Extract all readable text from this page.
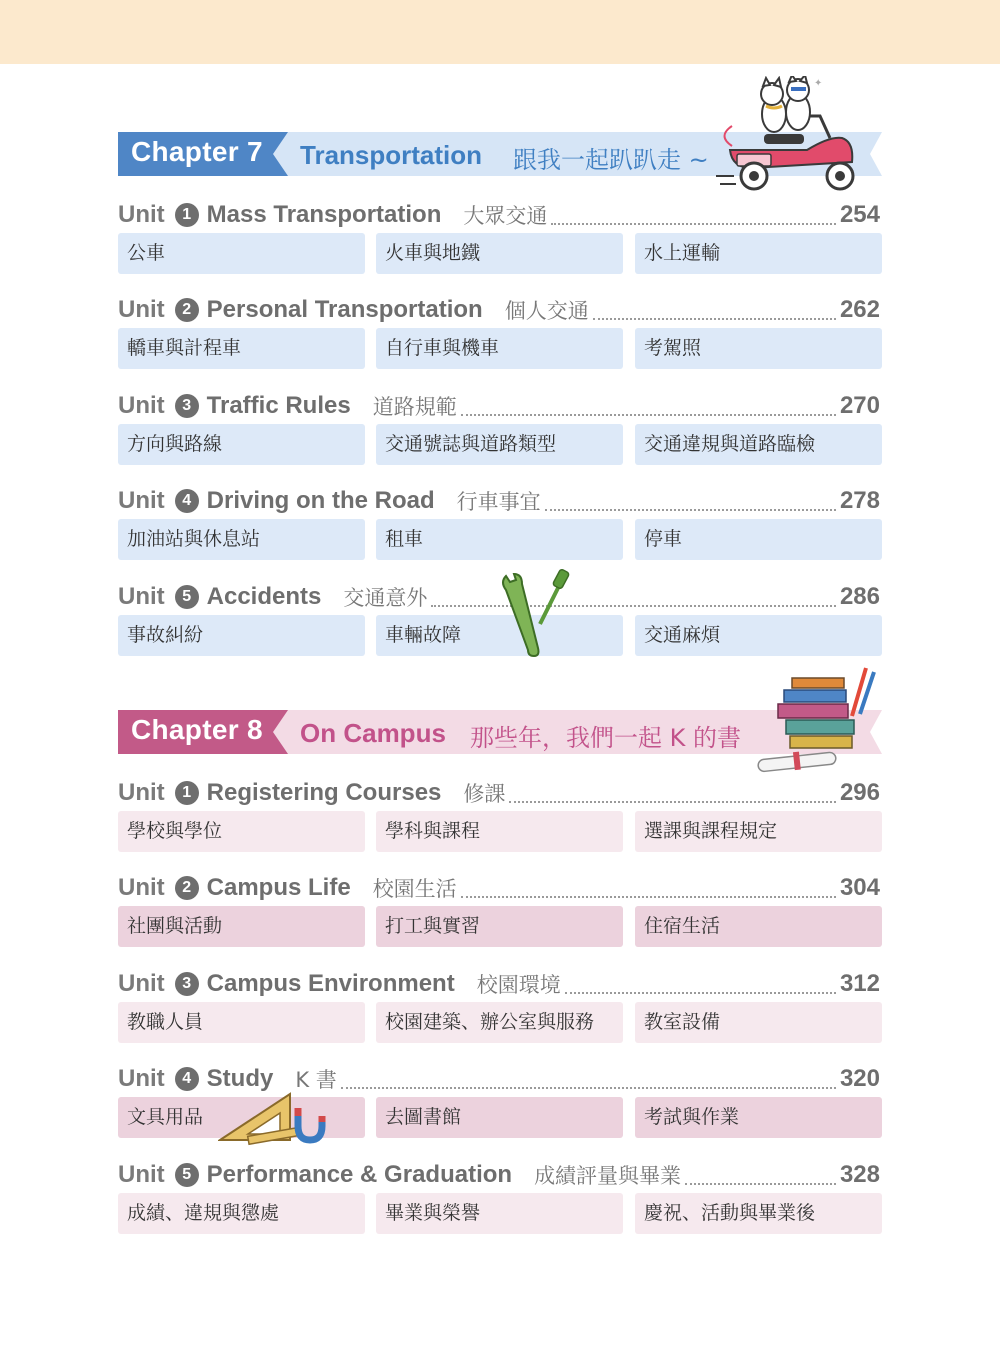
Chapter 7 Transportation 跟我一起趴趴走 ~
✦
Unit	1 Mass Transportation 大眾交通	254
公車	火車與地鐵	水上運輸
Unit	2 Personal Transportation 個人交通	262
轎車與計程車	自行車與機車	考駕照
Unit	3 Traffic Rules 道路規範	270
方向與路線	交通號誌與道路類型	交通違規與道路臨檢
Unit	4 Driving on the Road 行車事宜	278
加油站與休息站	租車	停車
Unit	5 Accidents 交通意外	286
事故糾紛	車輛故障	交通麻煩
Chapter 8 On Campus 那些年，我們一起 K 的書
Unit	1 Registering Courses 修課	296
學校與學位	學科與課程	選課與課程規定
Unit	2 Campus Life 校園生活	304
社團與活動	打工與實習	住宿生活
Unit	3 Campus Environment 校園環境	312
教職人員	校園建築、辦公室與服務	教室設備
Unit	4 Study K 書	320
文具用品	去圖書館	考試與作業
Unit	5 Performance & Graduation 成績評量與畢業	328
成績、違規與懲處	畢業與榮譽	慶祝、活動與畢業後
